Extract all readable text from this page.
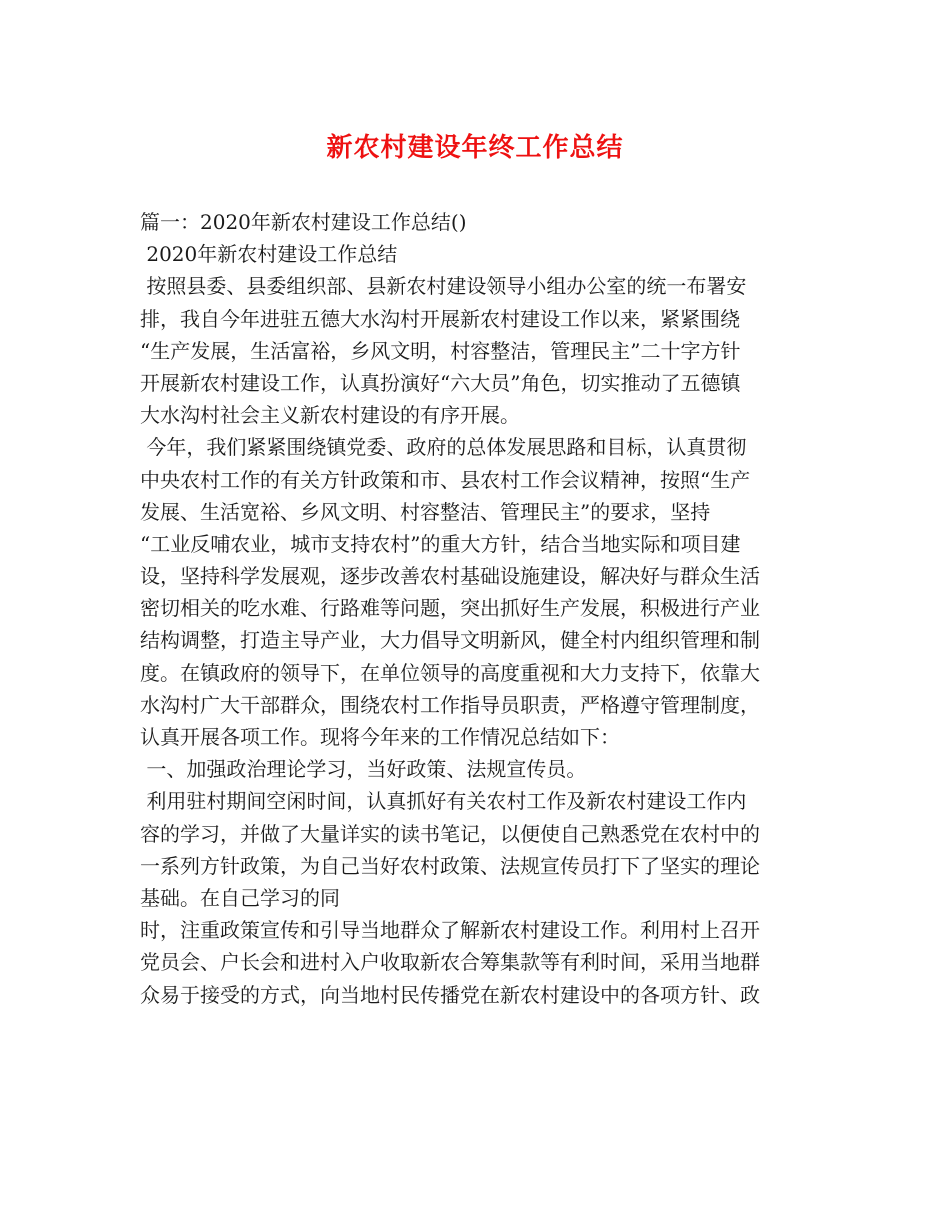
新农村建设年终工作总结
篇一：2020年新农村建设工作总结()
2020年新农村建设工作总结
按照县委、县委组织部、县新农村建设领导小组办公室的统一布署安
排，我自今年进驻五德大水沟村开展新农村建设工作以来，紧紧围绕
“生产发展，生活富裕，乡风文明，村容整洁，管理民主”二十字方针
开展新农村建设工作，认真扮演好“六大员”角色，切实推动了五德镇
大水沟村社会主义新农村建设的有序开展。
今年，我们紧紧围绕镇党委、政府的总体发展思路和目标，认真贯彻
中央农村工作的有关方针政策和市、县农村工作会议精神，按照“生产
发展、生活宽裕、乡风文明、村容整洁、管理民主”的要求，坚持
“工业反哺农业，城市支持农村”的重大方针，结合当地实际和项目建
设，坚持科学发展观，逐步改善农村基础设施建设，解决好与群众生活
密切相关的吃水难、行路难等问题，突出抓好生产发展，积极进行产业
结构调整，打造主导产业，大力倡导文明新风，健全村内组织管理和制
度。在镇政府的领导下，在单位领导的高度重视和大力支持下，依靠大
水沟村广大干部群众，围绕农村工作指导员职责，严格遵守管理制度，
认真开展各项工作。现将今年来的工作情况总结如下：
一、加强政治理论学习，当好政策、法规宣传员。
利用驻村期间空闲时间，认真抓好有关农村工作及新农村建设工作内
容的学习，并做了大量详实的读书笔记，以便使自己熟悉党在农村中的
一系列方针政策，为自己当好农村政策、法规宣传员打下了坚实的理论
基础。在自己学习的同
时，注重政策宣传和引导当地群众了解新农村建设工作。利用村上召开
党员会、户长会和进村入户收取新农合筹集款等有利时间，采用当地群
众易于接受的方式，向当地村民传播党在新农村建设中的各项方针、政
